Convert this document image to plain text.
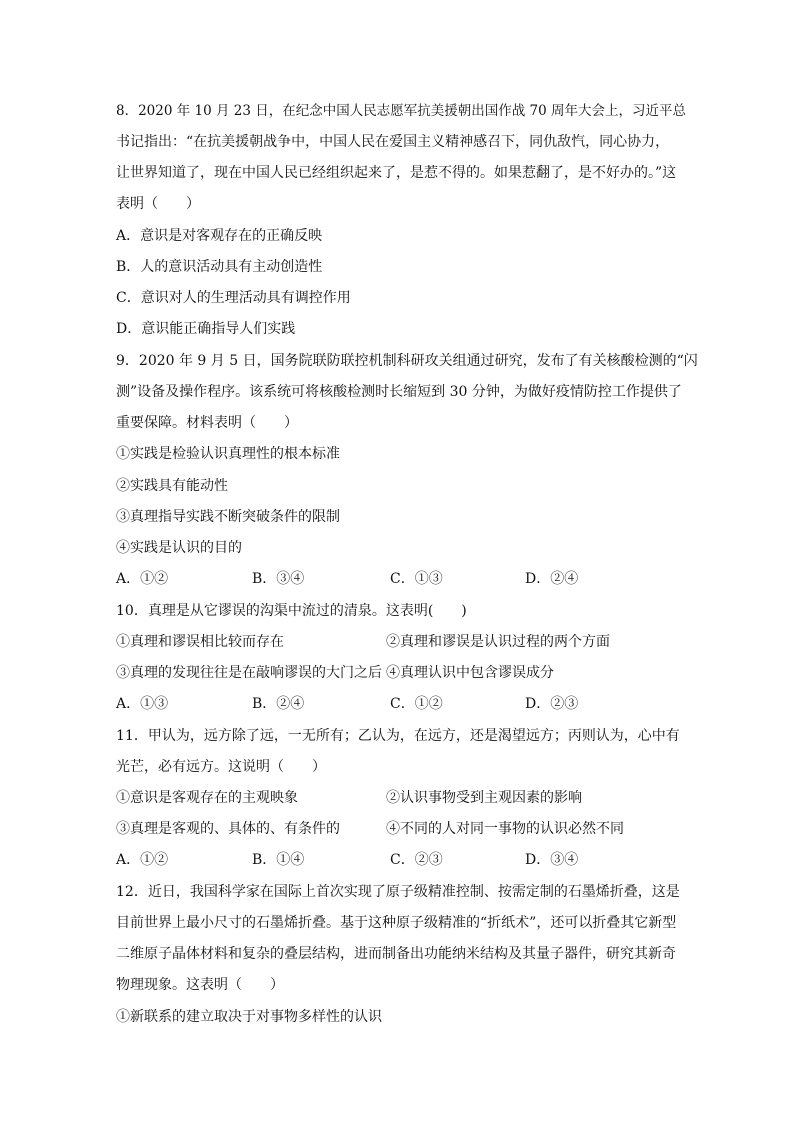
8．2020 年 10 月 23 日，在纪念中国人民志愿军抗美援朝出国作战 70 周年大会上，习近平总
书记指出：“在抗美援朝战争中，中国人民在爱国主义精神感召下，同仇敌忾，同心协力，
让世界知道了，现在中国人民已经组织起来了，是惹不得的。如果惹翻了，是不好办的。”这
表明（　　）
A．意识是对客观存在的正确反映
B．人的意识活动具有主动创造性
C．意识对人的生理活动具有调控作用
D．意识能正确指导人们实践
9．2020 年 9 月 5 日，国务院联防联控机制科研攻关组通过研究，发布了有关核酸检测的“闪
测”设备及操作程序。该系统可将核酸检测时长缩短到 30 分钟，为做好疫情防控工作提供了
重要保障。材料表明（　　）
①实践是检验认识真理性的根本标准
②实践具有能动性
③真理指导实践不断突破条件的限制
④实践是认识的目的
A．①②	B．③④	C．①③	D．②④
10．真理是从它谬误的沟渠中流过的清泉。这表明(　　)
①真理和谬误相比较而存在	②真理和谬误是认识过程的两个方面
③真理的发现往往是在敲响谬误的大门之后 ④真理认识中包含谬误成分
A．①③	B．②④	C．①②	D．②③
11．甲认为，远方除了远，一无所有；乙认为，在远方，还是渴望远方；丙则认为，心中有
光芒，必有远方。这说明（　　）
①意识是客观存在的主观映象	②认识事物受到主观因素的影响
③真理是客观的、具体的、有条件的	④不同的人对同一事物的认识必然不同
A．①②	B．①④	C．②③	D．③④
12．近日，我国科学家在国际上首次实现了原子级精准控制、按需定制的石墨烯折叠，这是
目前世界上最小尺寸的石墨烯折叠。基于这种原子级精准的“折纸术”，还可以折叠其它新型
二维原子晶体材料和复杂的叠层结构，进而制备出功能纳米结构及其量子器件，研究其新奇
物理现象。这表明（　　）
①新联系的建立取决于对事物多样性的认识
